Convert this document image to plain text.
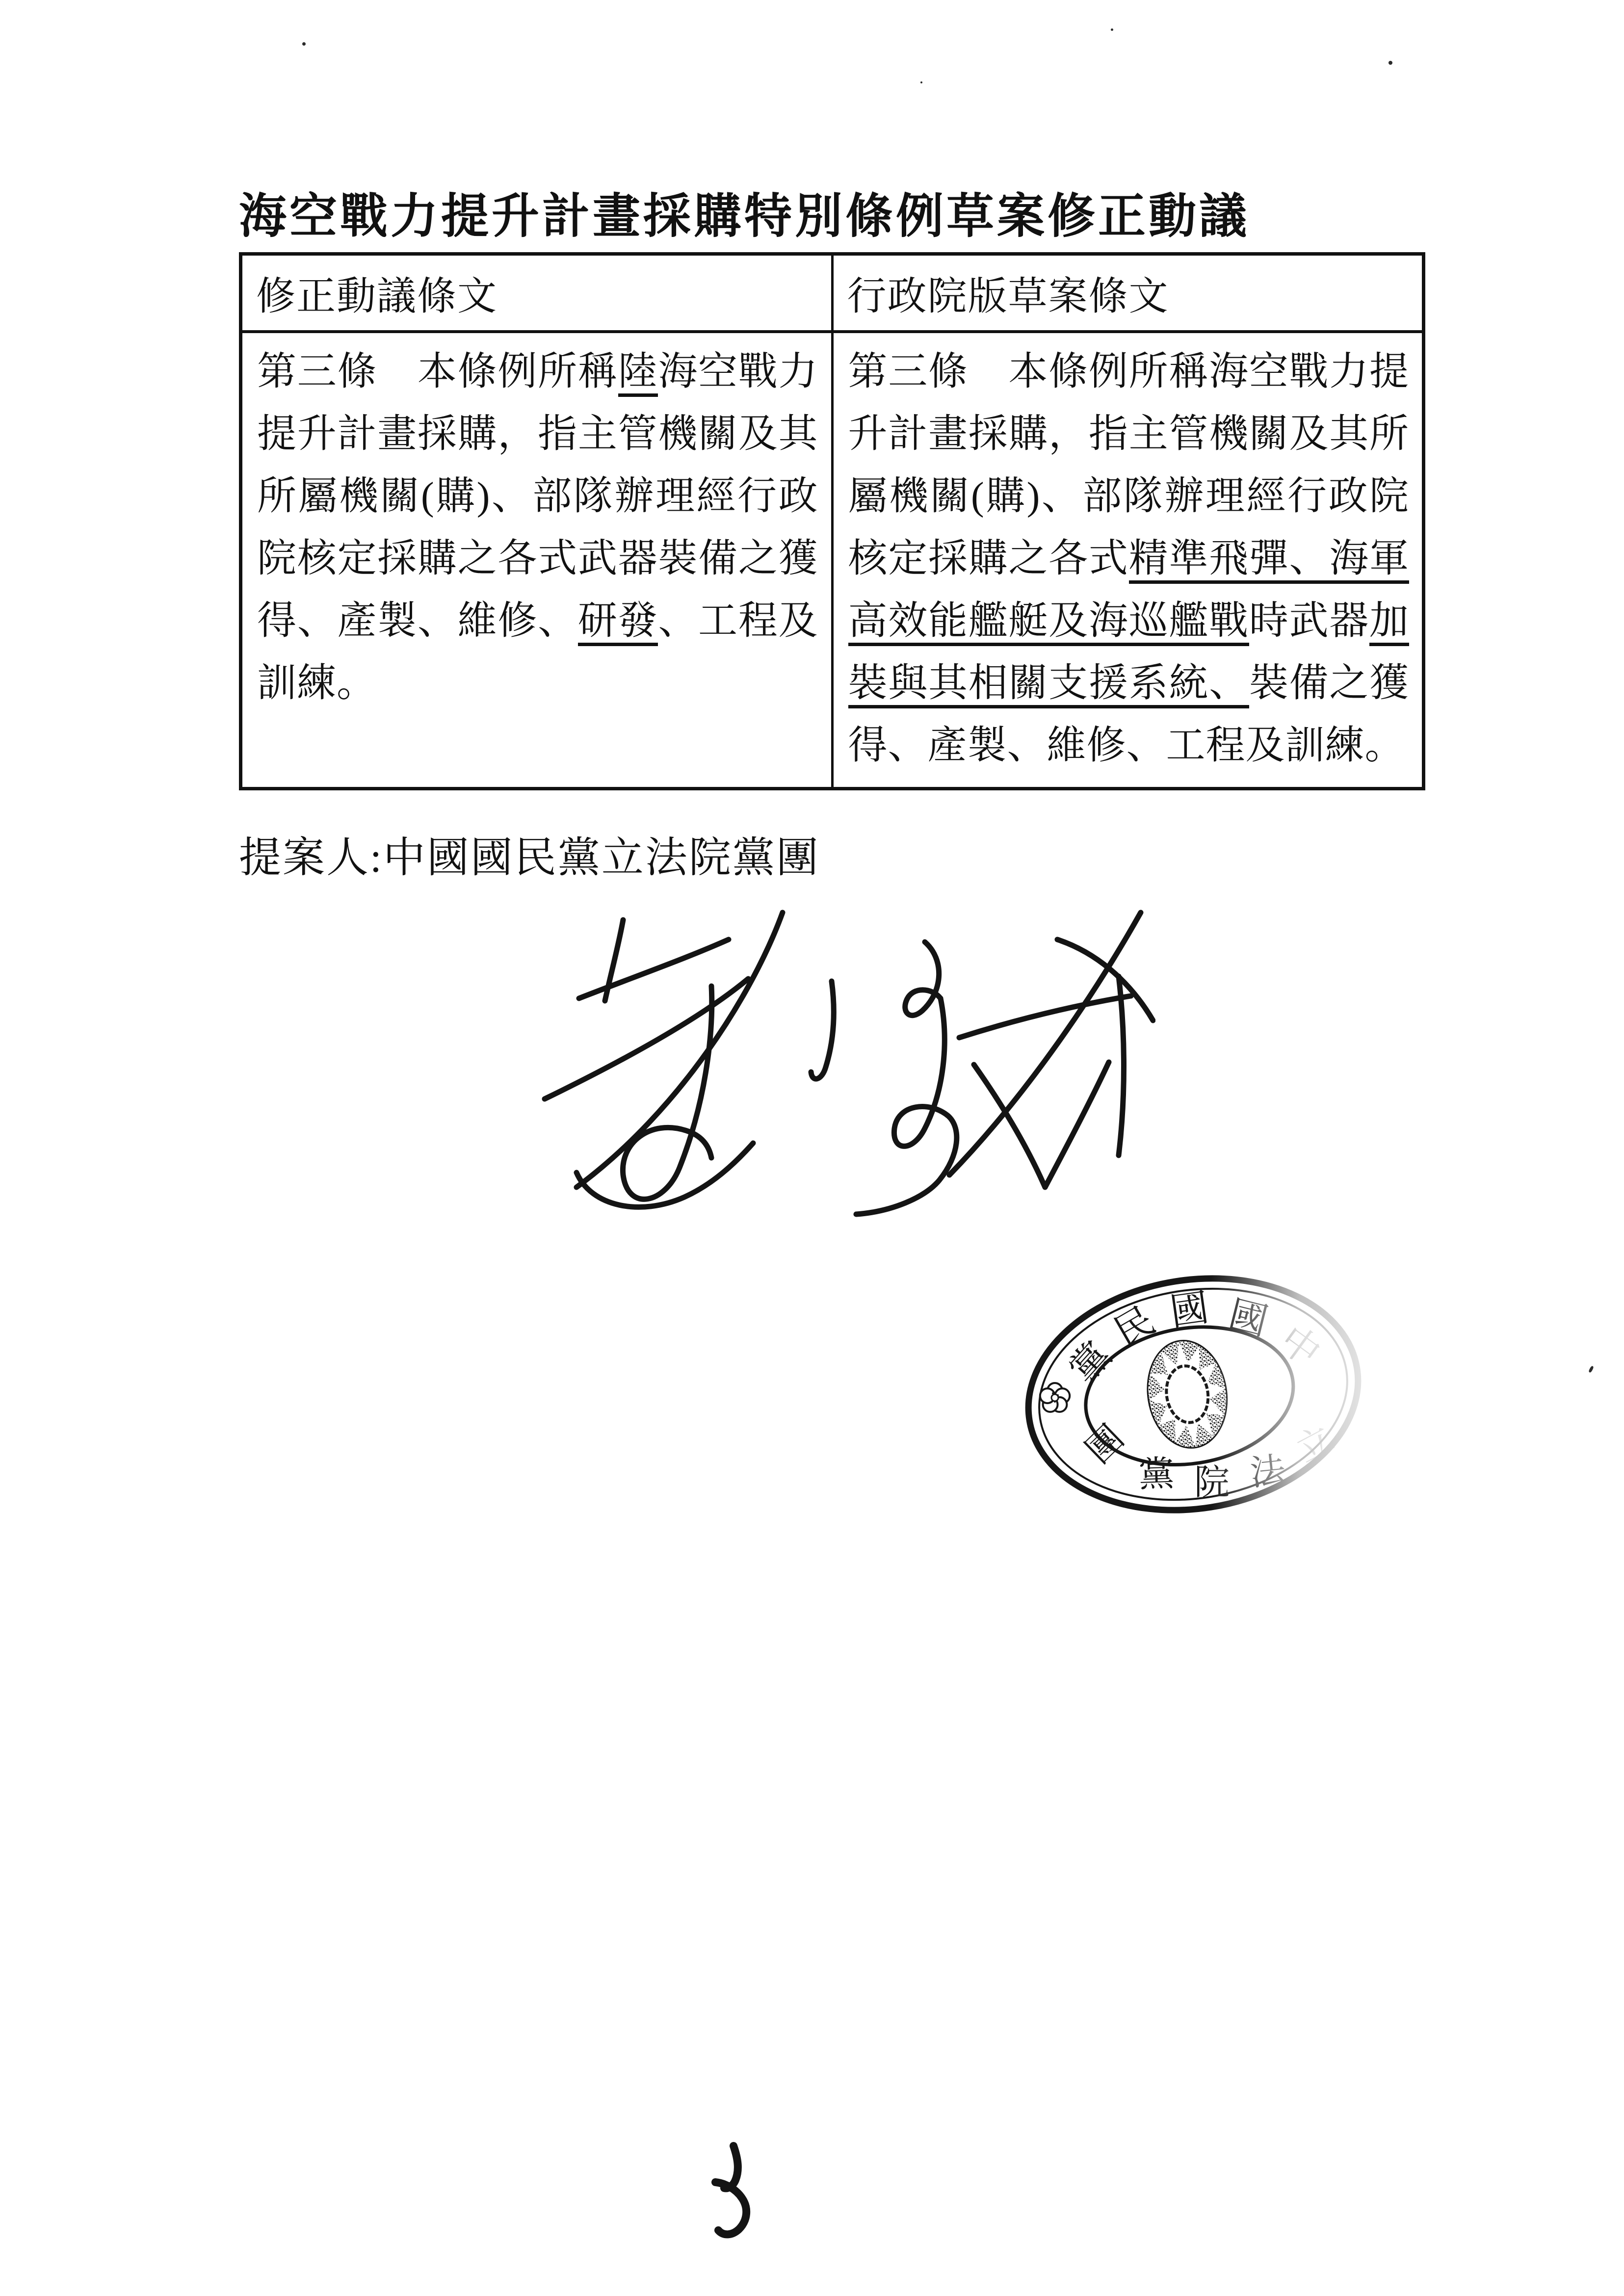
海空戰力提升計畫採購特別條例草案修正動議
修正動議條文	行政院版草案條文
第三條　本條例所稱陸海空戰力提升計畫採購，指主管機關及其所屬機關(購)、部隊辦理經行政院核定採購之各式武器裝備之獲得、產製、維修、研發、工程及訓練。	第三條　本條例所稱海空戰力提升計畫採購，指主管機關及其所屬機關(購)、部隊辦理經行政院核定採購之各式精準飛彈、海軍高效能艦艇及海巡艦戰時武器加裝與其相關支援系統、裝備之獲得、產製、維修、工程及訓練。
提案人:中國國民黨立法院黨團
